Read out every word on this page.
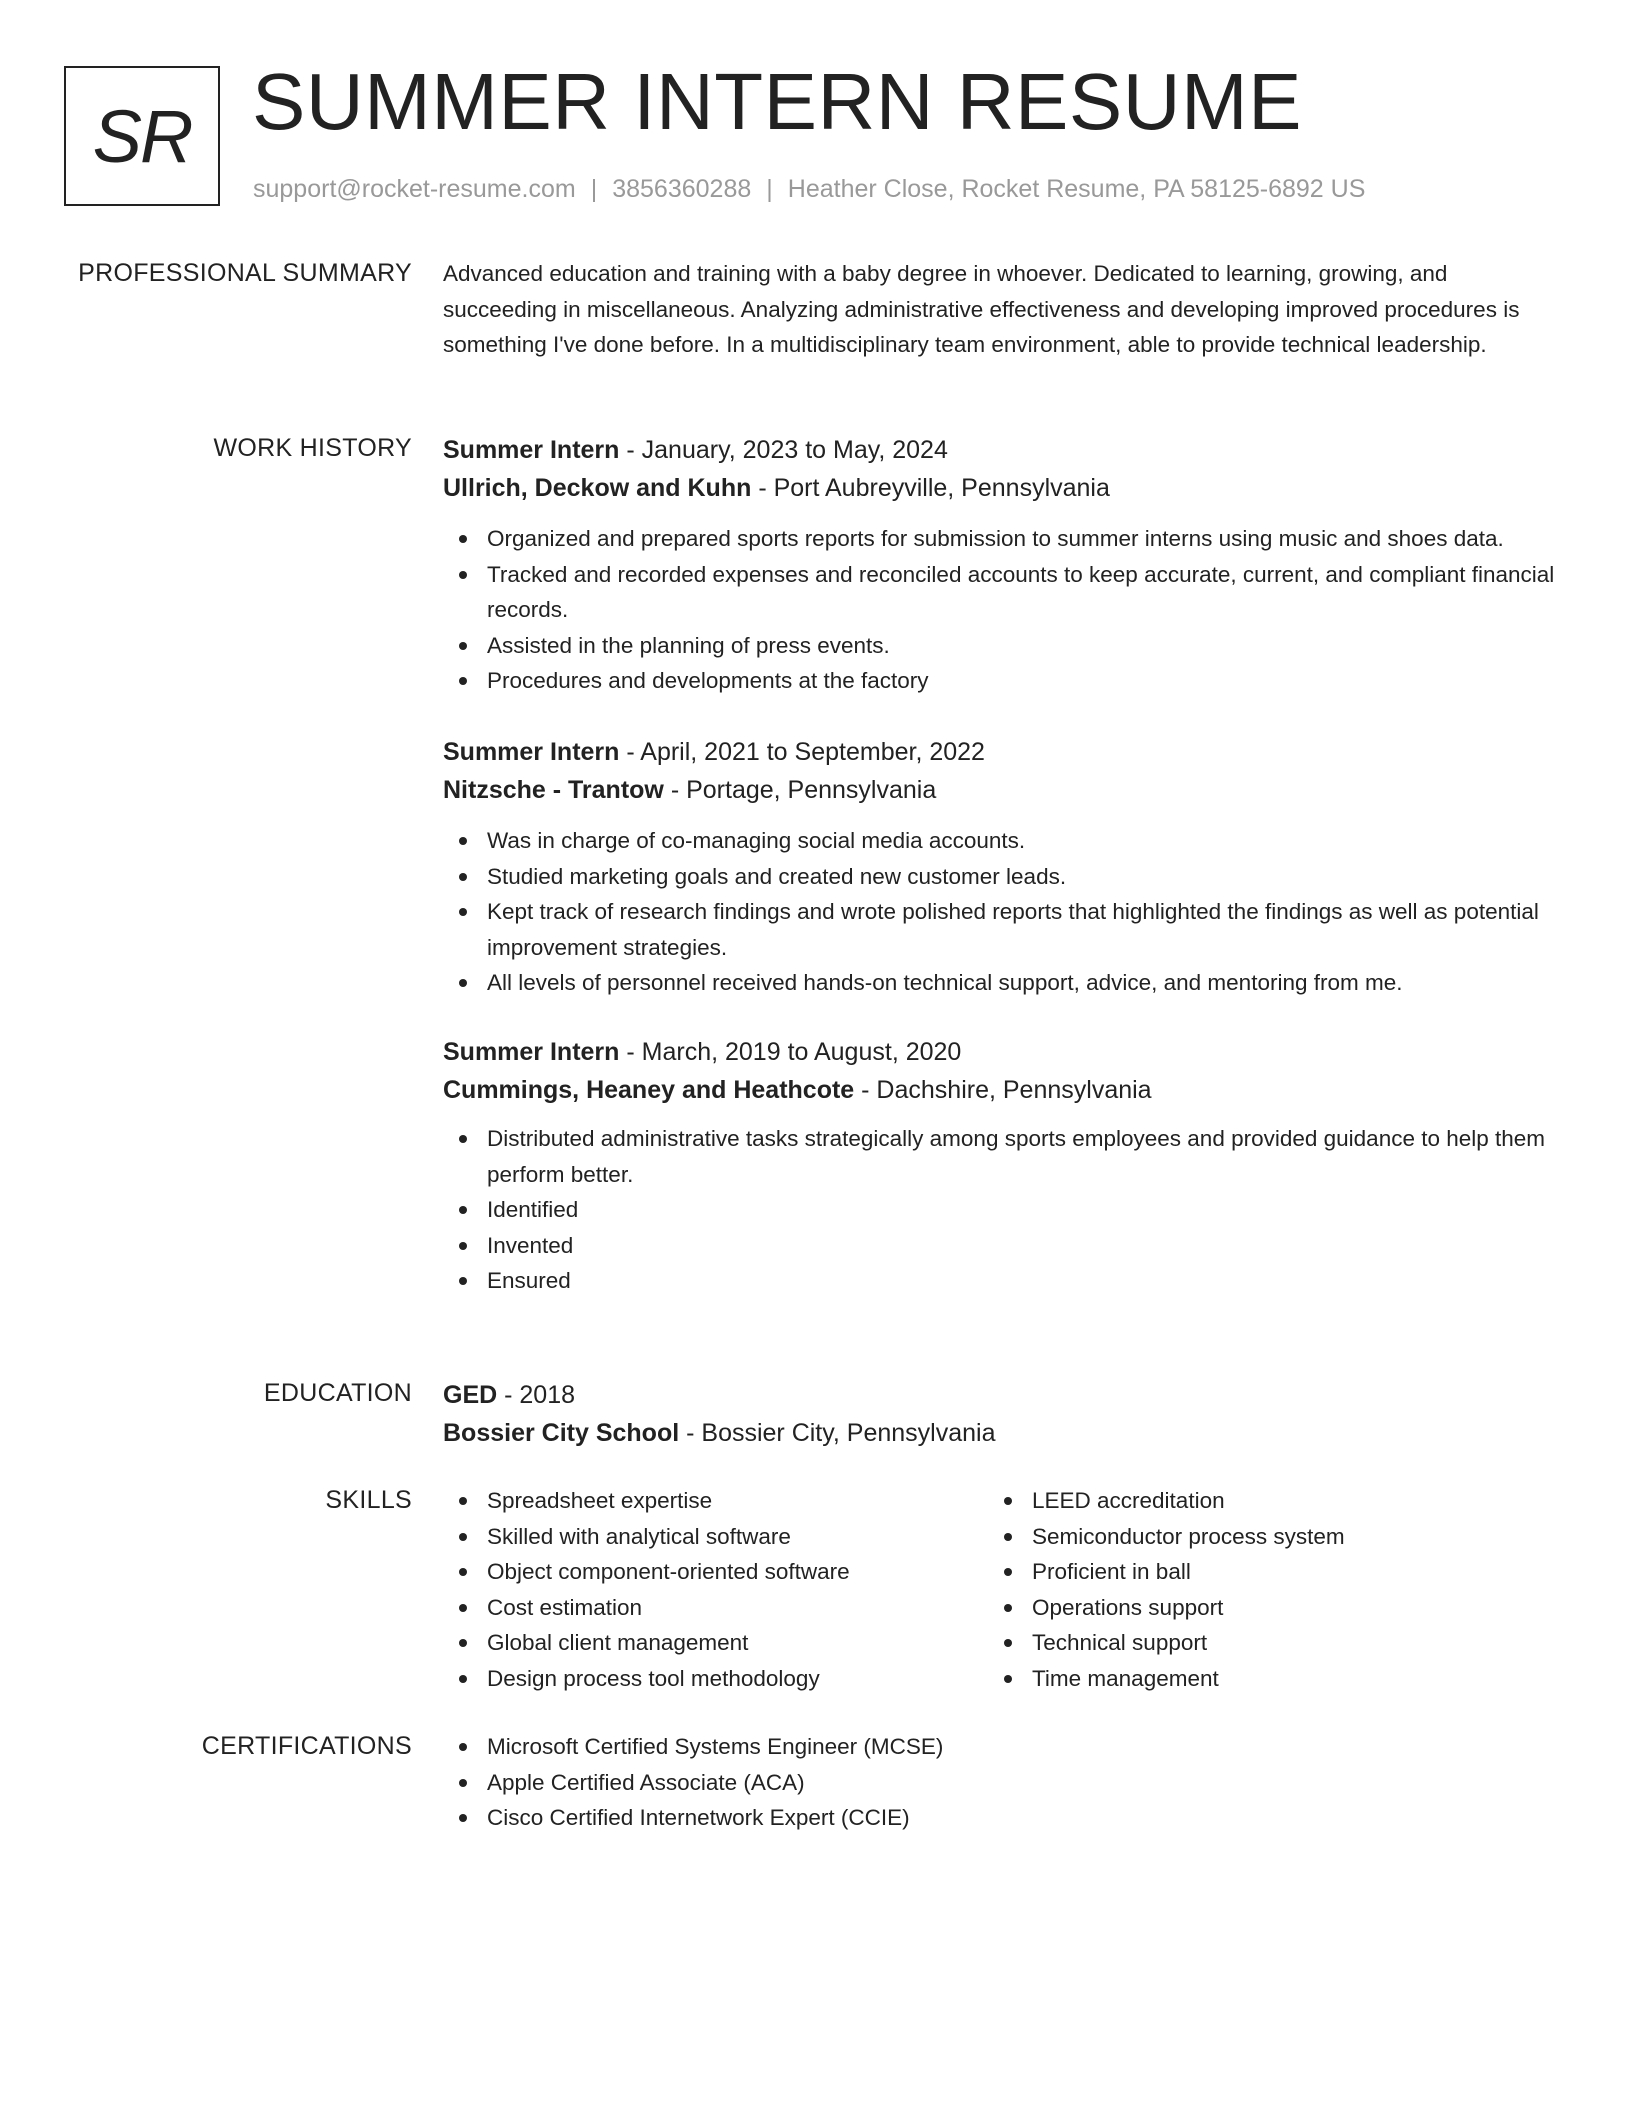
SR SUMMER INTERN RESUME
support@rocket-resume.com | 3856360288 | Heather Close, Rocket Resume, PA 58125-6892 US
PROFESSIONAL SUMMARY Advanced education and training with a baby degree in whoever. Dedicated to learning, growing, and succeeding in miscellaneous. Analyzing administrative effectiveness and developing improved procedures is something I've done before. In a multidisciplinary team environment, able to provide technical leadership.

WORK HISTORY Summer Intern - January, 2023 to May, 2024
Ullrich, Deckow and Kuhn - Port Aubreyville, Pennsylvania
Organized and prepared sports reports for submission to summer interns using music and shoes data.
Tracked and recorded expenses and reconciled accounts to keep accurate, current, and compliant financial records.
Assisted in the planning of press events.
Procedures and developments at the factory
Summer Intern - April, 2021 to September, 2022
Nitzsche - Trantow - Portage, Pennsylvania
Was in charge of co-managing social media accounts.
Studied marketing goals and created new customer leads.
Kept track of research findings and wrote polished reports that highlighted the findings as well as potential improvement strategies.
All levels of personnel received hands-on technical support, advice, and mentoring from me.
Summer Intern - March, 2019 to August, 2020
Cummings, Heaney and Heathcote - Dachshire, Pennsylvania
Distributed administrative tasks strategically among sports employees and provided guidance to help them perform better.
Identified
Invented
Ensured
EDUCATION GED - 2018
Bossier City School - Bossier City, Pennsylvania
SKILLS	Spreadsheet expertise
Skilled with analytical software
Object component-oriented software
Cost estimation
Global client management
Design process tool methodology
LEED accreditation
Semiconductor process system
Proficient in ball
Operations support
Technical support
Time management
CERTIFICATIONS	Microsoft Certified Systems Engineer (MCSE)
Apple Certified Associate (ACA)
Cisco Certified Internetwork Expert (CCIE)
